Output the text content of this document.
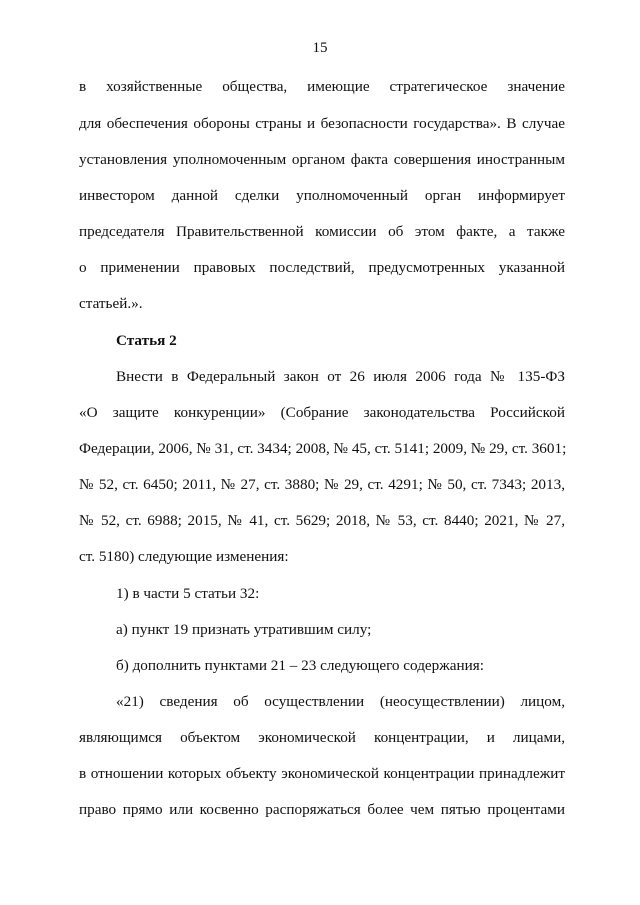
15
в хозяйственные общества, имеющие стратегическое значение
для обеспечения обороны страны и безопасности государства». В случае
установления уполномоченным органом факта совершения иностранным
инвестором данной сделки уполномоченный орган информирует
председателя Правительственной комиссии об этом факте, а также
о применении правовых последствий, предусмотренных указанной
статьей.».
Статья 2
Внести в Федеральный закон от 26 июля 2006 года № 135-ФЗ
«О защите конкуренции» (Собрание законодательства Российской
Федерации, 2006, № 31, ст. 3434; 2008, № 45, ст. 5141; 2009, № 29, ст. 3601;
№ 52, ст. 6450; 2011, № 27, ст. 3880; № 29, ст. 4291; № 50, ст. 7343; 2013,
№ 52, ст. 6988; 2015, № 41, ст. 5629; 2018, № 53, ст. 8440; 2021, № 27,
ст. 5180) следующие изменения:
1) в части 5 статьи 32:
а) пункт 19 признать утратившим силу;
б) дополнить пунктами 21 – 23 следующего содержания:
«21) сведения об осуществлении (неосуществлении) лицом,
являющимся объектом экономической концентрации, и лицами,
в отношении которых объекту экономической концентрации принадлежит
право прямо или косвенно распоряжаться более чем пятью процентами
